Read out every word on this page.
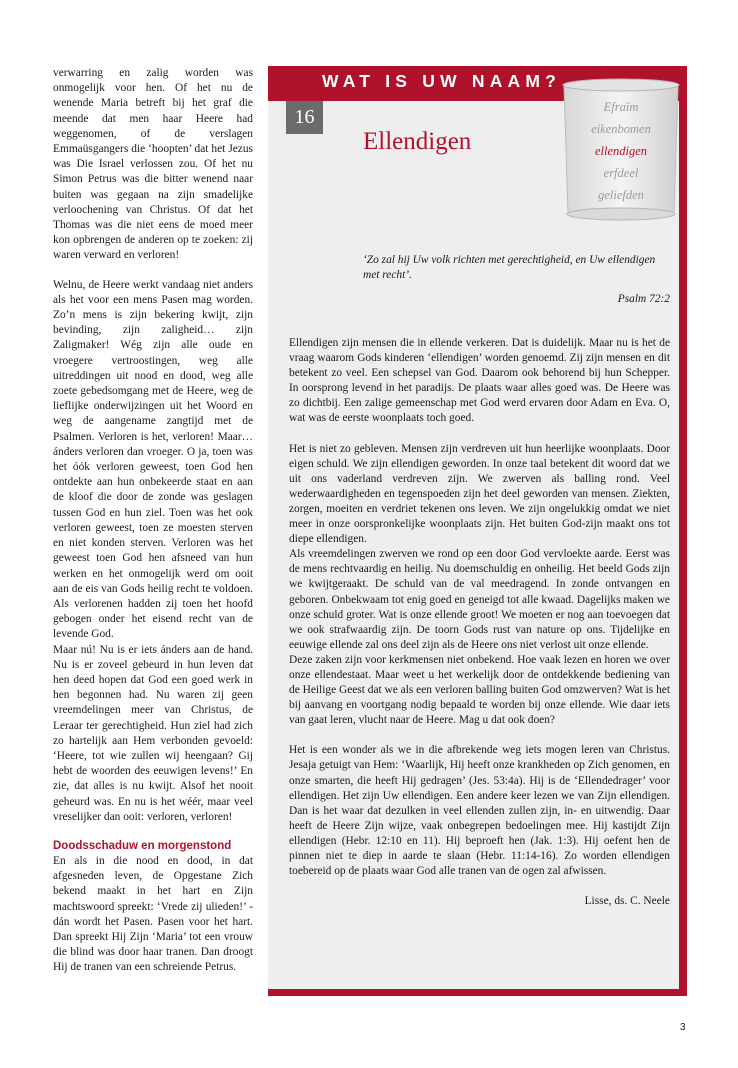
verwarring en zalig worden was onmogelijk voor hen. Of het nu de wenende Maria betreft bij het graf die meende dat men haar Heere had weggenomen, of de verslagen Emmaüsgangers die ‘hoopten’ dat het Jezus was Die Israel verlossen zou. Of het nu Simon Petrus was die bitter wenend naar buiten was gegaan na zijn smadelijke verloochening van Christus. Of dat het Thomas was die niet eens de moed meer kon opbrengen de anderen op te zoeken: zij waren verward en verloren!

Welnu, de Heere werkt vandaag niet anders als het voor een mens Pasen mag worden. Zo’n mens is zijn bekering kwijt, zijn bevinding, zijn zaligheid… zijn Zaligmaker! Wég zijn alle oude en vroegere vertroostingen, weg alle uitreddingen uit nood en dood, weg alle zoete gebedsomgang met de Heere, weg de lieflijke onderwijzingen uit het Woord en weg de aangename zangtijd met de Psalmen. Verloren is het, verloren! Maar… ánders verloren dan vroeger. O ja, toen was het óók verloren geweest, toen God hen ontdekte aan hun onbekeerde staat en aan de kloof die door de zonde was geslagen tussen God en hun ziel. Toen was het ook verloren geweest, toen ze moesten sterven en niet konden sterven. Verloren was het geweest toen God hen afsneed van hun werken en het onmogelijk werd om ooit aan de eis van Gods heilig recht te voldoen. Als verlorenen hadden zij toen het hoofd gebogen onder het eisend recht van de levende God.

Maar nú! Nu is er iets ánders aan de hand. Nu is er zoveel gebeurd in hun leven dat hen deed hopen dat God een goed werk in hen begonnen had. Nu waren zij geen vreemdelingen meer van Christus, de Leraar ter gerechtigheid. Hun ziel had zich zo hartelijk aan Hem verbonden gevoeld: ‘Heere, tot wie zullen wij heengaan? Gij hebt de woorden des eeuwigen levens!’ En zie, dat alles is nu kwijt. Alsof het nooit geheurd was. En nu is het wéér, maar veel vreselijker dan ooit: verloren, verloren!

Doodsschaduw en morgenstond

En als in die nood en dood, in dat afgesneden leven, de Opgestane Zich bekend maakt in het hart en Zijn machtswoord spreekt: ‘Vrede zij ulieden!’ - dán wordt het Pasen. Pasen voor het hart. Dan spreekt Hij Zijn ‘Maria’ tot een vrouw die blind was door haar tranen. Dan droogt Hij de tranen van een schreiende Petrus.

WAT IS UW NAAM?
16
Ellendigen
Efraïm
eikenbomen
ellendigen
erfdeel
geliefden
‘Zo zal hij Uw volk richten met gerechtigheid, en Uw ellendigen met recht’.
Psalm 72:2

Ellendigen zijn mensen die in ellende verkeren. Dat is duidelijk. Maar nu is het de vraag waarom Gods kinderen ‘ellendigen’ worden genoemd. Zij zijn mensen en dit betekent zo veel. Een schepsel van God. Daarom ook behorend bij hun Schepper. In oorsprong levend in het paradijs. De plaats waar alles goed was. De Heere was zo dichtbij. Een zalige gemeenschap met God werd ervaren door Adam en Eva. O, wat was de eerste woonplaats toch goed.

Het is niet zo gebleven. Mensen zijn verdreven uit hun heerlijke woonplaats. Door eigen schuld. We zijn ellendigen geworden. In onze taal betekent dit woord dat we uit ons vaderland verdreven zijn. We zwerven als balling rond. Veel wederwaardigheden en tegenspoeden zijn het deel geworden van mensen. Ziekten, zorgen, moeiten en verdriet tekenen ons leven. We zijn ongelukkig omdat we niet meer in onze oorspronkelijke woonplaats zijn. Het buiten God-zijn maakt ons tot diepe ellendigen.

Als vreemdelingen zwerven we rond op een door God vervloekte aarde. Eerst was de mens rechtvaardig en heilig. Nu doemschuldig en onheilig. Het beeld Gods zijn we kwijtgeraakt. De schuld van de val meedragend. In zonde ontvangen en geboren. Onbekwaam tot enig goed en geneigd tot alle kwaad. Dagelijks maken we onze schuld groter. Wat is onze ellende groot! We moeten er nog aan toevoegen dat we ook strafwaardig zijn. De toorn Gods rust van nature op ons. Tijdelijke en eeuwige ellende zal ons deel zijn als de Heere ons niet verlost uit onze ellende.

Deze zaken zijn voor kerkmensen niet onbekend. Hoe vaak lezen en horen we over onze ellendestaat. Maar weet u het werkelijk door de ontdekkende bediening van de Heilige Geest dat we als een verloren balling buiten God omzwerven? Wat is het bij aanvang en voortgang nodig bepaald te worden bij onze ellende. Wie daar iets van gaat leren, vlucht naar de Heere. Mag u dat ook doen?

Het is een wonder als we in die afbrekende weg iets mogen leren van Christus. Jesaja getuigt van Hem: ‘Waarlijk, Hij heeft onze krankheden op Zich genomen, en onze smarten, die heeft Hij gedragen’ (Jes. 53:4a). Hij is de ‘Ellendedrager’ voor ellendigen. Het zijn Uw ellendigen. Een andere keer lezen we van Zijn ellendigen. Dan is het waar dat dezulken in veel ellenden zullen zijn, in- en uitwendig. Daar heeft de Heere Zijn wijze, vaak onbegrepen bedoelingen mee. Hij kastijdt Zijn ellendigen (Hebr. 12:10 en 11). Hij beproeft hen (Jak. 1:3). Hij oefent hen de pinnen niet te diep in aarde te slaan (Hebr. 11:14-16). Zo worden ellendigen toebereid op de plaats waar God alle tranen van de ogen zal afwissen.

Lisse, ds. C. Neele
3
